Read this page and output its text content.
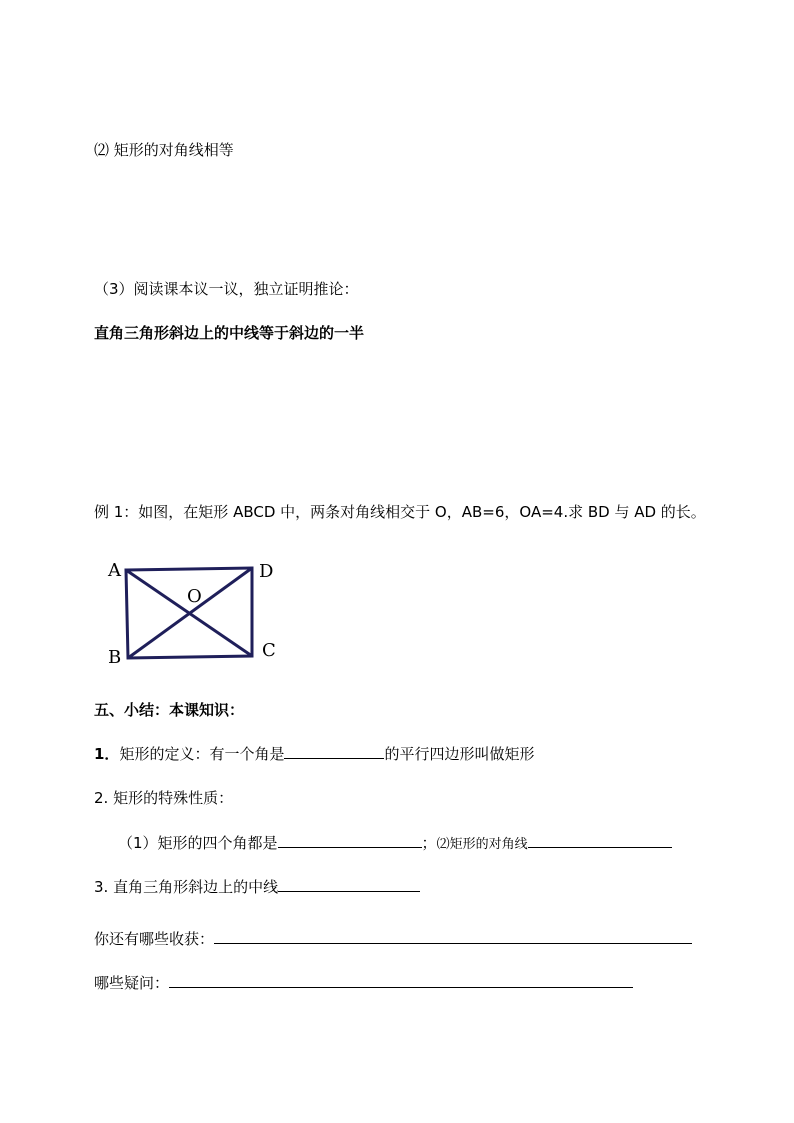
⑵ 矩形的对角线相等
（3）阅读课本议一议，独立证明推论：
直角三角形斜边上的中线等于斜边的一半
例 1：如图，在矩形 ABCD 中，两条对角线相交于 O，AB=6，OA=4.求 BD 与 AD 的长。
A	D
O
B	C
五、小结：本课知识：
1．矩形的定义：有一个角是	的平行四边形叫做矩形
2. 矩形的特殊性质：
（1）矩形的四个角都是	；⑵矩形的对角线
3. 直角三角形斜边上的中线
你还有哪些收获：
哪些疑问：
